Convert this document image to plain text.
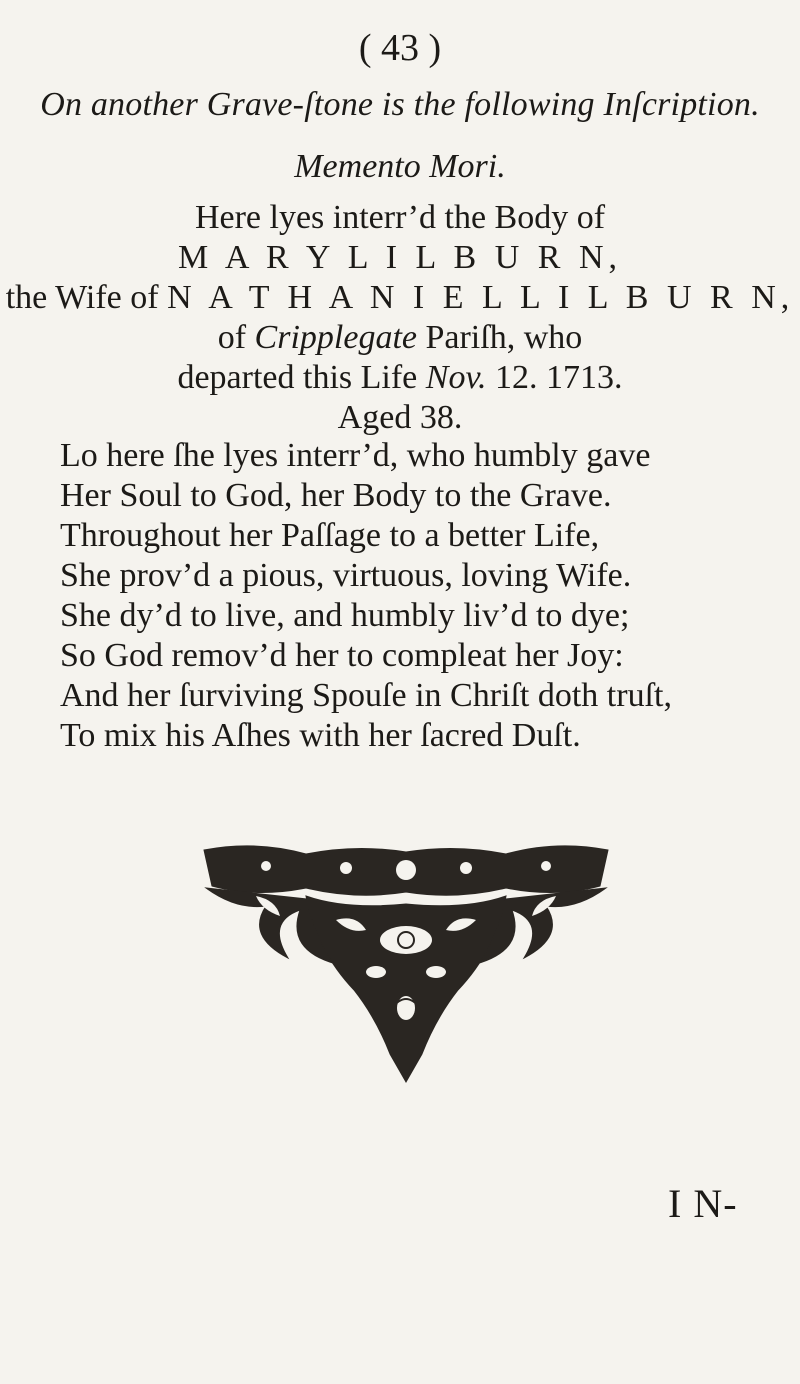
( 43 )
On another Grave-ſtone is the following Inſcription.
Memento Mori.
Here lyes interr’d the Body of
M A R Y L I L B U R N,
the Wife of N A T H A N I E L L I L B U R N,
of Cripplegate Pariſh, who
departed this Life Nov. 12. 1713.
Aged 38.
Lo here ſhe lyes interr’d, who humbly gave
Her Soul to God, her Body to the Grave.
Throughout her Paſſage to a better Life,
She prov’d a pious, virtuous, loving Wife.
She dy’d to live, and humbly liv’d to dye;
So God remov’d her to compleat her Joy:
And her ſurviving Spouſe in Chriſt doth truſt,
To mix his Aſhes with her ſacred Duſt.
I N-
